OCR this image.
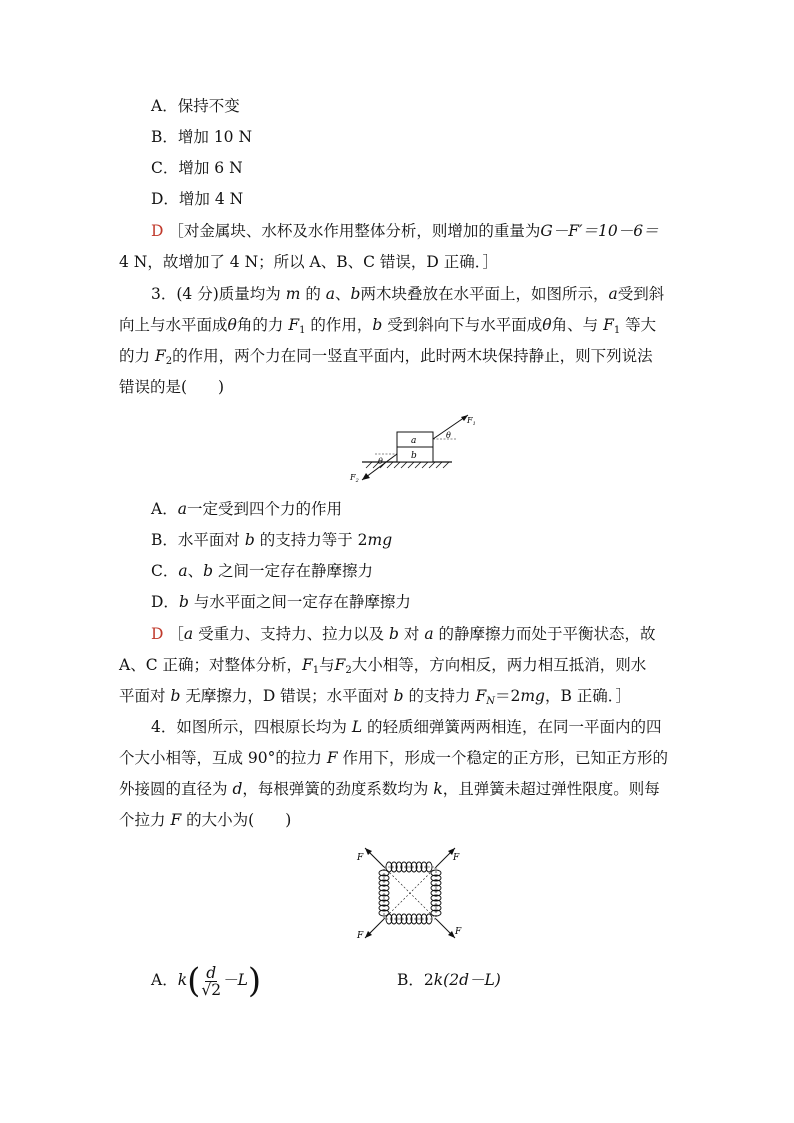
A．保持不变
B．增加 10 N
C．增加 6 N
D．增加 4 N
D ［对金属块、水杯及水作用整体分析，则增加的重量为G－F′＝10－6＝
4 N，故增加了 4 N；所以 A、B、C 错误，D 正确．］
3．(4 分)质量均为 m 的 a、b两木块叠放在水平面上，如图所示，a受到斜
向上与水平面成θ角的力 $F_1$ 的作用，b 受到斜向下与水平面成θ角、与 $F_1$ 等大
的力 $F_2$的作用，两个力在同一竖直平面内，此时两木块保持静止，则下列说法
错误的是(　　)
a
b
θ
$F_1$
θ
$F_2$
A．a一定受到四个力的作用
B．水平面对 b 的支持力等于 2mg
C．a、b 之间一定存在静摩擦力
D．b 与水平面之间一定存在静摩擦力
D ［a 受重力、支持力、拉力以及 b 对 a 的静摩擦力而处于平衡状态，故
A、C 正确；对整体分析，$F_1$与$F_2$大小相等，方向相反，两力相互抵消，则水
平面对 b 无摩擦力，D 错误；水平面对 b 的支持力 $F_N=2mg$，B 正确．］
4．如图所示，四根原长均为 L 的轻质细弹簧两两相连，在同一平面内的四
个大小相等，互成 90°的拉力 F 作用下，形成一个稳定的正方形，已知正方形的
外接圆的直径为 d，每根弹簧的劲度系数均为 k，且弹簧未超过弹性限度。则每
个拉力 F 的大小为(　　)
F	F
F	F
A．$k( \frac{d}{√2} -L)$	B．2k(2d－L)
